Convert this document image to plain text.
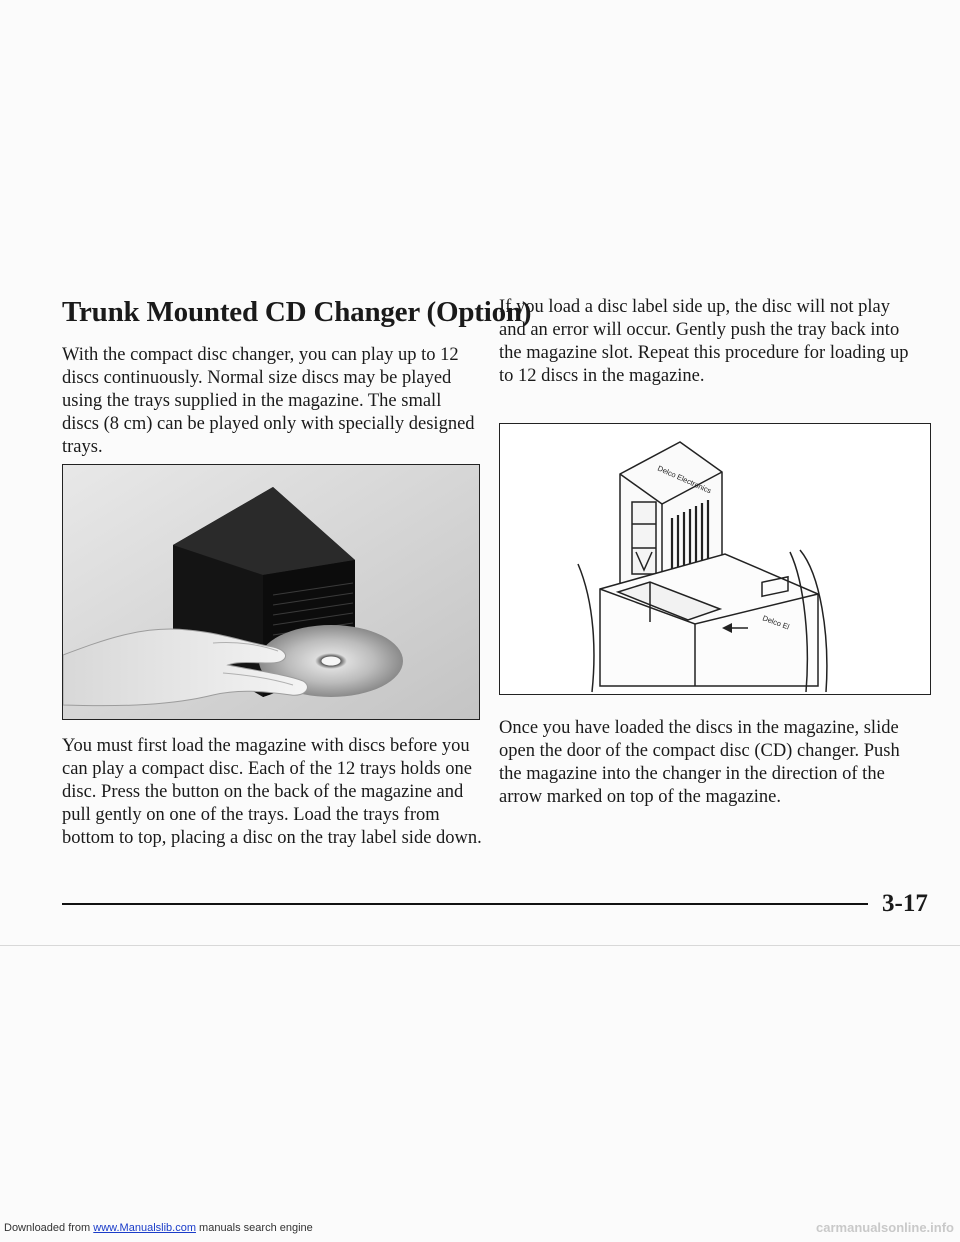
Trunk Mounted CD Changer (Option)

With the compact disc changer, you can play up to 12 discs continuously. Normal size discs may be played using the trays supplied in the magazine. The small discs (8 cm) can be played only with specially designed trays.

You must first load the magazine with discs before you can play a compact disc. Each of the 12 trays holds one disc. Press the button on the back of the magazine and pull gently on one of the trays. Load the trays from bottom to top, placing a disc on the tray label side down.

If you load a disc label side up, the disc will not play and an error will occur. Gently push the tray back into the magazine slot. Repeat this procedure for loading up to 12 discs in the magazine.

Delco Electronics
Delco El

Once you have loaded the discs in the magazine, slide open the door of the compact disc (CD) changer. Push the magazine into the changer in the direction of the arrow marked on top of the magazine.

3-17

Downloaded from www.Manualslib.com manuals search engine	carmanualsonline.info
